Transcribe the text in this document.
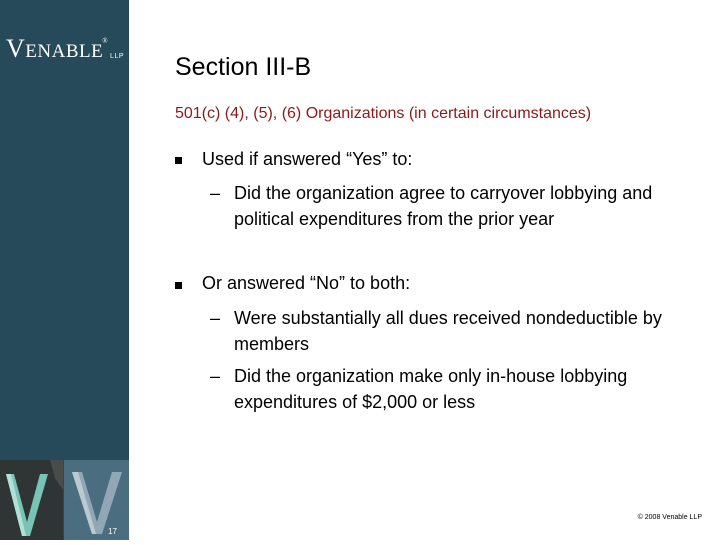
VENABLE®LLP
17
Section III-B
501(c) (4), (5), (6) Organizations (in certain circumstances)
Used if answered “Yes” to:
– Did the organization agree to carryover lobbying and political expenditures from the prior year
Or answered “No” to both:
– Were substantially all dues received nondeductible by members
– Did the organization make only in-house lobbying expenditures of $2,000 or less
© 2008 Venable LLP
